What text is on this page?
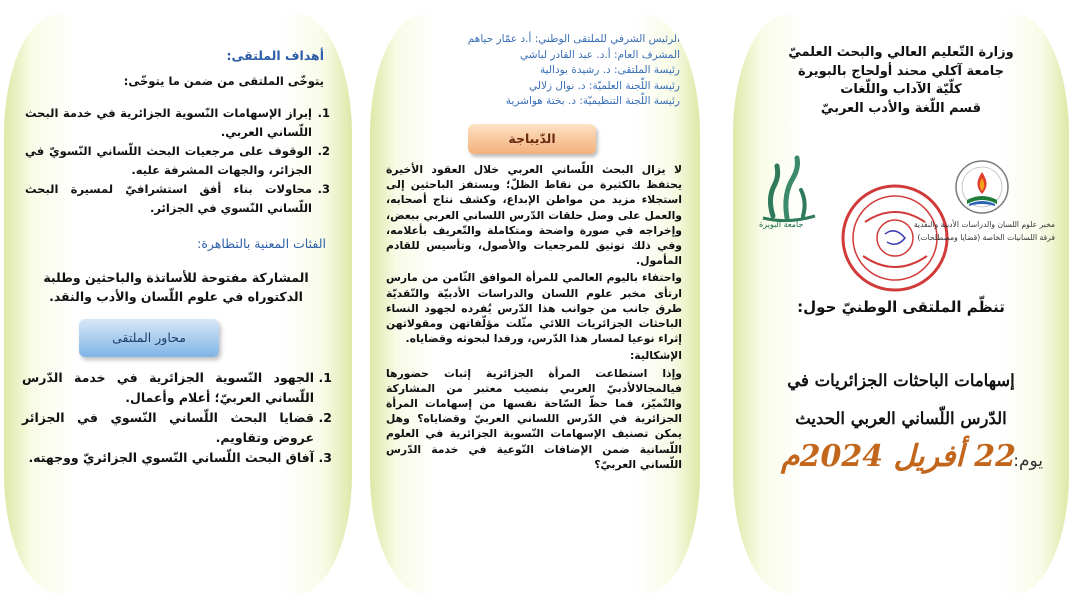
أهداف الملتقى:
يتوخّى الملتقى من ضمن ما يتوخّى:
1.
إبراز الإسهامات النّسوية الجزائرية في خدمة البحث اللّساني العربي.
2.
الوقوف على مرجعيات البحث اللّساني النّسويّ في الجزائر، والجهات المشرفة عليه.
3.
محاولات بناء أفق استشرافيّ لمسيرة البحث اللّساني النّسوي في الجزائر.
الفئات المعنية بالتظاهرة:
المشاركة مفتوحة للأساتذة والباحثين وطلبة الدكتوراه في علوم اللّسان والأدب والنقد.
محاور الملتقى
1.
الجهود النّسوية الجزائرية في خدمة الدّرس اللّساني العربيّ؛ أعلام وأعمال.
2.
قضايا البحث اللّساني النّسوي في الجزائر عروض وتقاويم.
3.
آفاق البحث اللّساني النّسوي الجزائريّ ووجهته.
الرئيس الشرفي للملتقى الوطني: أ.د عمّار حياهم
المشرف العام: أ.د. عبد القادر لباشي
رئيسة الملتقى: د. رشيدة بودالية
رئيسة اللّجنة العلميّة: د. نوال زلالي
رئيسة اللّجنة التنظيميّة: د. بختة هواشرية
الدّيباجة

لا يزال البحث اللّساني العربي خلال العقود الأخيرة يحتفظ بالكثيرة من نقاط الظلّ؛ ويستفز الباحثين إلى استجلاء مزيد من مواطن الإبداع، وكشف نتاج أصحابه، والعمل على وصل حلقات الدّرس اللساني العربي ببعض، وإخراجه في صورة واضحة ومتكاملة والتّعريف بأعلامه، وفي ذلك توثيق للمرجعيات والأصول، وتأسيس للقادم المأمول.

واحتفاء باليوم العالمي للمرأة الموافق الثّامن من مارس ارتأى مخبر علوم اللسان والدراسات الأدبيّة والنّقديّة طرق جانب من جوانب هذا الدّرس يُفرده لجهود النساء الباحثات الجزائريات اللائي مثّلت مؤلّفاتهن ومقولاتهن إثراء نوعيا لمسار هذا الدّرس، ورفدا لبحوثه وقضاياه.

الإشكالية:

وإذا استطاعت المرأة الجزائرية إثبات حضورها فيالمجالالأدبيّ العربي بنصيب معتبر من المشاركة والتّميّز، فما حظّ السّاحة نفسها من إسهامات المرأة الجزائرية في الدّرس اللساني العربيّ وقضاياه؟ وهل يمكن تصنيف الإسهامات النّسوية الجزائرية في العلوم اللّسانية ضمن الإضافات النّوعية في خدمة الدّرس اللّساني العربيّ؟

وزارة التّعليم العالي والبحث العلميّ
جامعة آكلي محند أولحاج بالبويرة
كلّيّة الآداب واللّغات
قسم اللّغة والأدب العربيّ
جامعة البويرة	مخبر علوم اللسان والدراسات الأدبية والنقدية
فرقة اللسانيات الخاصة (قضايا ومصطلحات)
تنظّم الملتقى الوطنيّ حول:
إسهامات الباحثات الجزائريات في
الدّرس اللّساني العربي الحديث
يوم:
22 أفريل 2024م
